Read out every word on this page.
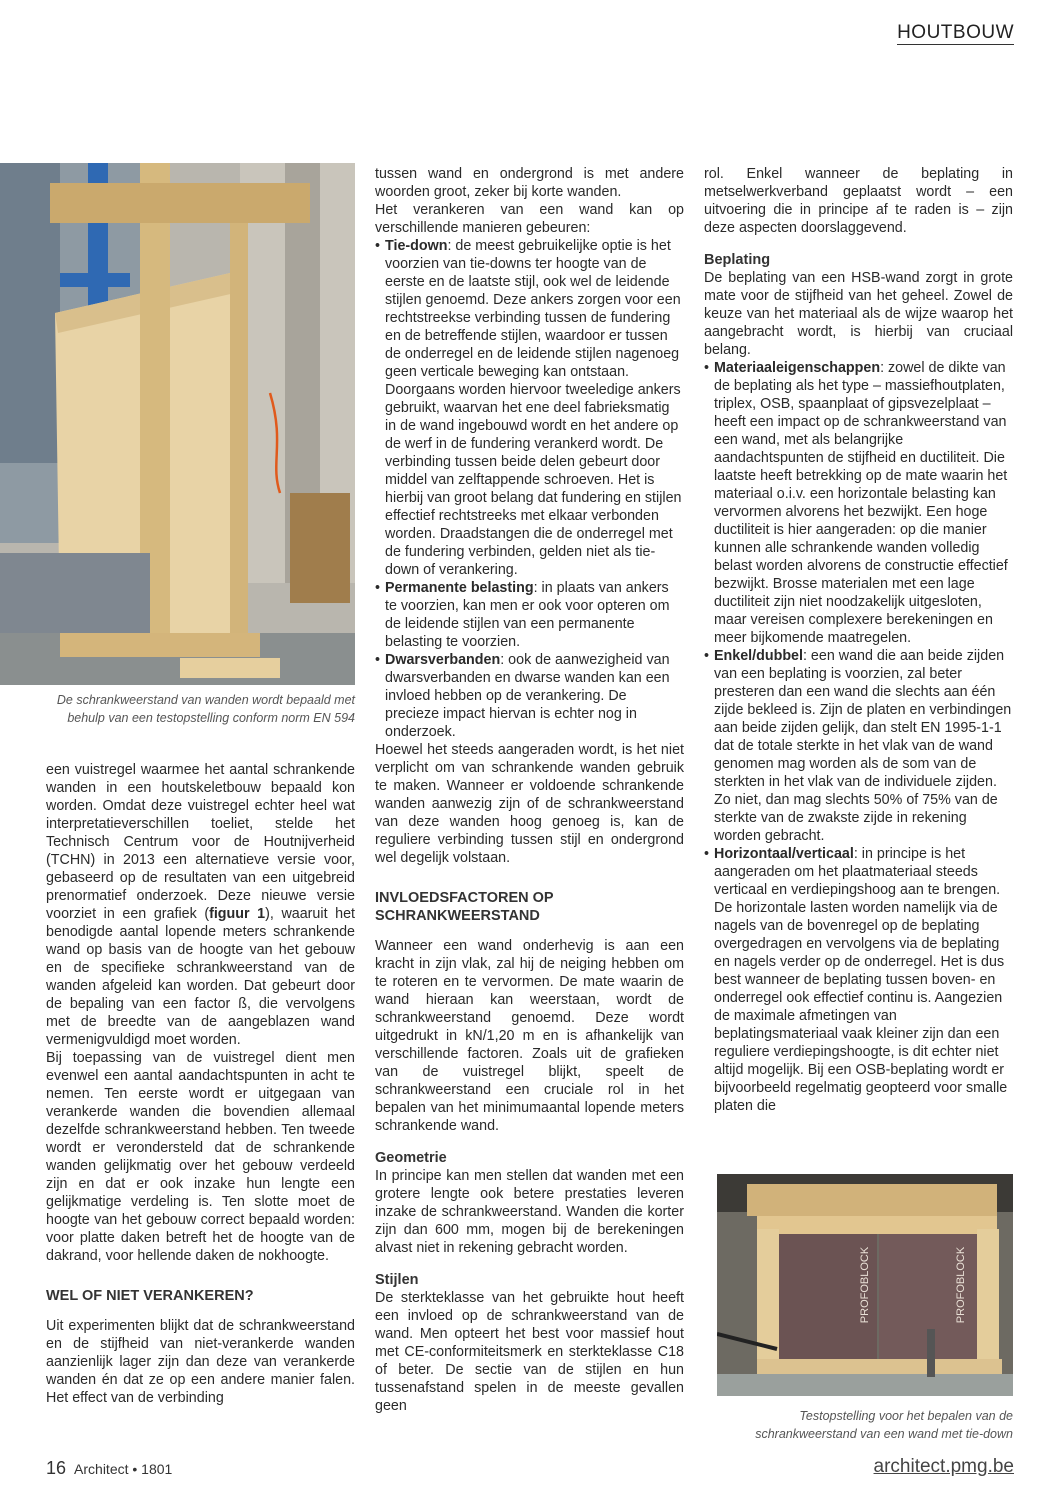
HOUTBOUW
De schrankweerstand van wanden wordt bepaald met behulp van een testopstelling conform norm EN 594
PROFOBLOCK	PROFOBLOCK
Testopstelling voor het bepalen van de schrankweerstand van een wand met tie-down

een vuistregel waarmee het aantal schrankende wanden in een houtskeletbouw bepaald kon worden. Omdat deze vuistregel echter heel wat interpretatieverschillen toeliet, stelde het Technisch Centrum voor de Houtnijverheid (TCHN) in 2013 een alternatieve versie voor, gebaseerd op de resultaten van een uitgebreid prenormatief onderzoek. Deze nieuwe versie voorziet in een grafiek (figuur 1), waaruit het benodigde aantal lopende meters schrankende wand op basis van de hoogte van het gebouw en de specifieke schrankweerstand van de wanden afgeleid kan worden. Dat gebeurt door de bepaling van een factor ß, die vervolgens met de breedte van de aangeblazen wand vermenigvuldigd moet worden.

Bij toepassing van de vuistregel dient men evenwel een aantal aandachtspunten in acht te nemen. Ten eerste wordt er uitgegaan van verankerde wanden die bovendien allemaal dezelfde schrankweerstand hebben. Ten tweede wordt er verondersteld dat de schrankende wanden gelijkmatig over het gebouw verdeeld zijn en dat er ook inzake hun lengte een gelijkmatige verdeling is. Ten slotte moet de hoogte van het gebouw correct bepaald worden: voor platte daken betreft het de hoogte van de dakrand, voor hellende daken de nokhoogte.

WEL OF NIET VERANKEREN?

Uit experimenten blijkt dat de schrankweerstand en de stijfheid van niet-verankerde wanden aanzienlijk lager zijn dan deze van verankerde wanden én dat ze op een andere manier falen. Het effect van de verbinding

tussen wand en ondergrond is met andere woorden groot, zeker bij korte wanden.

Het verankeren van een wand kan op verschillende manieren gebeuren:

• Tie-down: de meest gebruikelijke optie is het voorzien van tie-downs ter hoogte van de eerste en de laatste stijl, ook wel de leidende stijlen genoemd. Deze ankers zorgen voor een rechtstreekse verbinding tussen de fundering en de betreffende stijlen, waardoor er tussen de onderregel en de leidende stijlen nagenoeg geen verticale beweging kan ontstaan. Doorgaans worden hiervoor tweeledige ankers gebruikt, waarvan het ene deel fabrieksmatig in de wand ingebouwd wordt en het andere op de werf in de fundering verankerd wordt. De verbinding tussen beide delen gebeurt door middel van zelftappende schroeven. Het is hierbij van groot belang dat fundering en stijlen effectief rechtstreeks met elkaar verbonden worden. Draadstangen die de onderregel met de fundering verbinden, gelden niet als tie-down of verankering.
• Permanente belasting: in plaats van ankers te voorzien, kan men er ook voor opteren om de leidende stijlen van een permanente belasting te voorzien.
• Dwarsverbanden: ook de aanwezigheid van dwarsverbanden en dwarse wanden kan een invloed hebben op de verankering. De precieze impact hiervan is echter nog in onderzoek.

Hoewel het steeds aangeraden wordt, is het niet verplicht om van schrankende wanden gebruik te maken. Wanneer er voldoende schrankende wanden aanwezig zijn of de schrankweerstand van deze wanden hoog genoeg is, kan de reguliere verbinding tussen stijl en ondergrond wel degelijk volstaan.

INVLOEDSFACTOREN OP SCHRANKWEERSTAND

Wanneer een wand onderhevig is aan een kracht in zijn vlak, zal hij de neiging hebben om te roteren en te vervormen. De mate waarin de wand hieraan kan weerstaan, wordt de schrankweerstand genoemd. Deze wordt uitgedrukt in kN/1,20 m en is afhankelijk van verschillende factoren. Zoals uit de grafieken van de vuistregel blijkt, speelt de schrankweerstand een cruciale rol in het bepalen van het minimumaantal lopende meters schrankende wand.

Geometrie

In principe kan men stellen dat wanden met een grotere lengte ook betere prestaties leveren inzake de schrankweerstand. Wanden die korter zijn dan 600 mm, mogen bij de berekeningen alvast niet in rekening gebracht worden.

Stijlen

De sterkteklasse van het gebruikte hout heeft een invloed op de schrankweerstand van de wand. Men opteert het best voor massief hout met CE-conformiteitsmerk en sterkteklasse C18 of beter. De sectie van de stijlen en hun tussenafstand spelen in de meeste gevallen geen

rol. Enkel wanneer de beplating in metselwerkverband geplaatst wordt – een uitvoering die in principe af te raden is – zijn deze aspecten doorslaggevend.

Beplating

De beplating van een HSB-wand zorgt in grote mate voor de stijfheid van het geheel. Zowel de keuze van het materiaal als de wijze waarop het aangebracht wordt, is hierbij van cruciaal belang.

• Materiaaleigenschappen: zowel de dikte van de beplating als het type – massiefhoutplaten, triplex, OSB, spaanplaat of gipsvezelplaat – heeft een impact op de schrankweerstand van een wand, met als belangrijke aandachtspunten de stijfheid en ductiliteit. Die laatste heeft betrekking op de mate waarin het materiaal o.i.v. een horizontale belasting kan vervormen alvorens het bezwijkt. Een hoge ductiliteit is hier aangeraden: op die manier kunnen alle schrankende wanden volledig belast worden alvorens de constructie effectief bezwijkt. Brosse materialen met een lage ductiliteit zijn niet noodzakelijk uitgesloten, maar vereisen complexere berekeningen en meer bijkomende maatregelen.
• Enkel/dubbel: een wand die aan beide zijden van een beplating is voorzien, zal beter presteren dan een wand die slechts aan één zijde bekleed is. Zijn de platen en verbindingen aan beide zijden gelijk, dan stelt EN 1995-1-1 dat de totale sterkte in het vlak van de wand genomen mag worden als de som van de sterkten in het vlak van de individuele zijden. Zo niet, dan mag slechts 50% of 75% van de sterkte van de zwakste zijde in rekening worden gebracht.
• Horizontaal/verticaal: in principe is het aangeraden om het plaatmateriaal steeds verticaal en verdiepingshoog aan te brengen. De horizontale lasten worden namelijk via de nagels van de bovenregel op de beplating overgedragen en vervolgens via de beplating en nagels verder op de onderregel. Het is dus best wanneer de beplating tussen boven- en onderregel ook effectief continu is. Aangezien de maximale afmetingen van beplatingsmateriaal vaak kleiner zijn dan een reguliere verdiepingshoogte, is dit echter niet altijd mogelijk. Bij een OSB-beplating wordt er bijvoorbeeld regelmatig geopteerd voor smalle platen die
16 Architect • 1801	architect.pmg.be
